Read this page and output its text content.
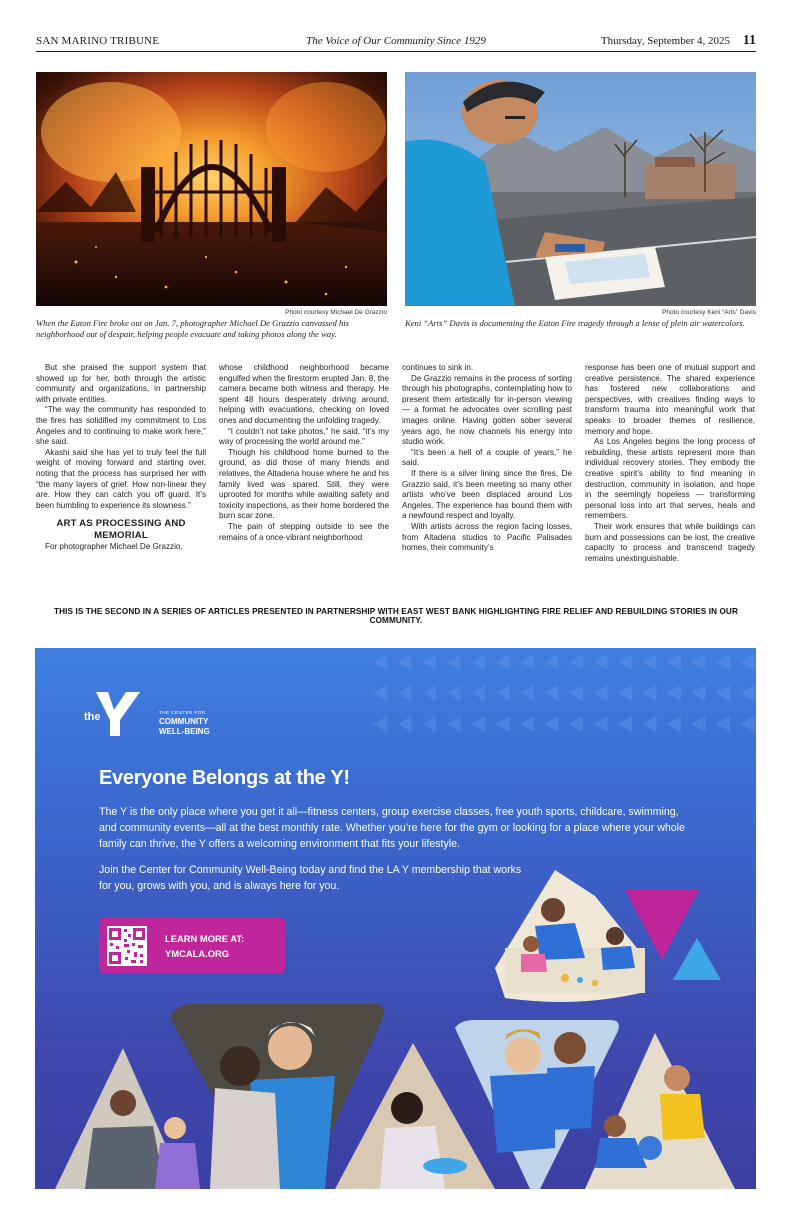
SAN MARINO TRIBUNE	The Voice of Our Community Since 1929	Thursday, September 4, 2025 11
Photo courtesy Michael De Grazzio
When the Eaton Fire broke out on Jan. 7, photographer Michael De Grazzio canvassed his neighborhood out of despair, helping people evacuate and taking photos along the way.
Photo courtesy Keni “Arts” Davis
Keni “Arts” Davis is documenting the Eaton Fire tragedy through a lense of plein air watercolors.

But she praised the support system that showed up for her, both through the artistic community and organizations, in partnership with private entities.

“The way the community has responded to the fires has solidified my commitment to Los Angeles and to continuing to make work here,” she said.

Akashi said she has yet to truly feel the full weight of moving forward and starting over, noting that the process has surprised her with “the many layers of grief. How non-linear they are. How they can catch you off guard. It’s been humbling to experience its slowness.”

ART AS PROCESSING AND MEMORIAL

For photographer Michael De Grazzio,

whose childhood neighborhood became engulfed when the firestorm erupted Jan. 8, the camera became both witness and therapy. He spent 48 hours desperately driving around, helping with evacuations, checking on loved ones and documenting the unfolding tragedy.

“I couldn’t not take photos,” he said, “it’s my way of processing the world around me.”

Though his childhood home burned to the ground, as did those of many friends and relatives, the Altadena house where he and his family lived was spared. Still, they were uprooted for months while awaiting safety and toxicity inspections, as their home bordered the burn scar zone.

The pain of stepping outside to see the remains of a once-vibrant neighborhood

continues to sink in.

De Grazzio remains in the process of sorting through his photographs, contemplating how to present them artistically for in-person viewing — a format he advocates over scrolling past images online. Having gotten sober several years ago, he now channels his energy into studio work.

“It’s been a hell of a couple of years,” he said.

If there is a silver lining since the fires, De Grazzio said, it’s been meeting so many other artists who’ve been displaced around Los Angeles. The experience has bound them with a newfound respect and loyalty.

With artists across the region facing losses, from Altadena studios to Pacific Palisades homes, their community’s

response has been one of mutual support and creative persistence. The shared experience has fostered new collaborations and perspectives, with creatives finding ways to transform trauma into meaningful work that speaks to broader themes of resilience, memory and hope.

As Los Angeles begins the long process of rebuilding, these artists represent more than individual recovery stories. They embody the creative spirit’s ability to find meaning in destruction, community in isolation, and hope in the seemingly hopeless — transforming personal loss into art that serves, heals and remembers.

Their work ensures that while buildings can burn and possessions can be lost, the creative capacity to process and transcend tragedy remains unextinguishable.

THIS IS THE SECOND IN A SERIES OF ARTICLES PRESENTED IN PARTNERSHIP WITH EAST WEST BANK HIGHLIGHTING FIRE RELIEF AND REBUILDING STORIES IN OUR COMMUNITY.
the	THE CENTER FOR
COMMUNITY WELL-BEING
Everyone Belongs at the Y!
The Y is the only place where you get it all—fitness centers, group exercise classes, free youth sports, childcare, swimming, and community events—all at the best monthly rate. Whether you’re here for the gym or looking for a place where your whole family can thrive, the Y offers a welcoming environment that fits your lifestyle.
Join the Center for Community Well-Being today and find the LA Y membership that works for you, grows with you, and is always here for you.
LEARN MORE AT:
YMCALA.ORG
